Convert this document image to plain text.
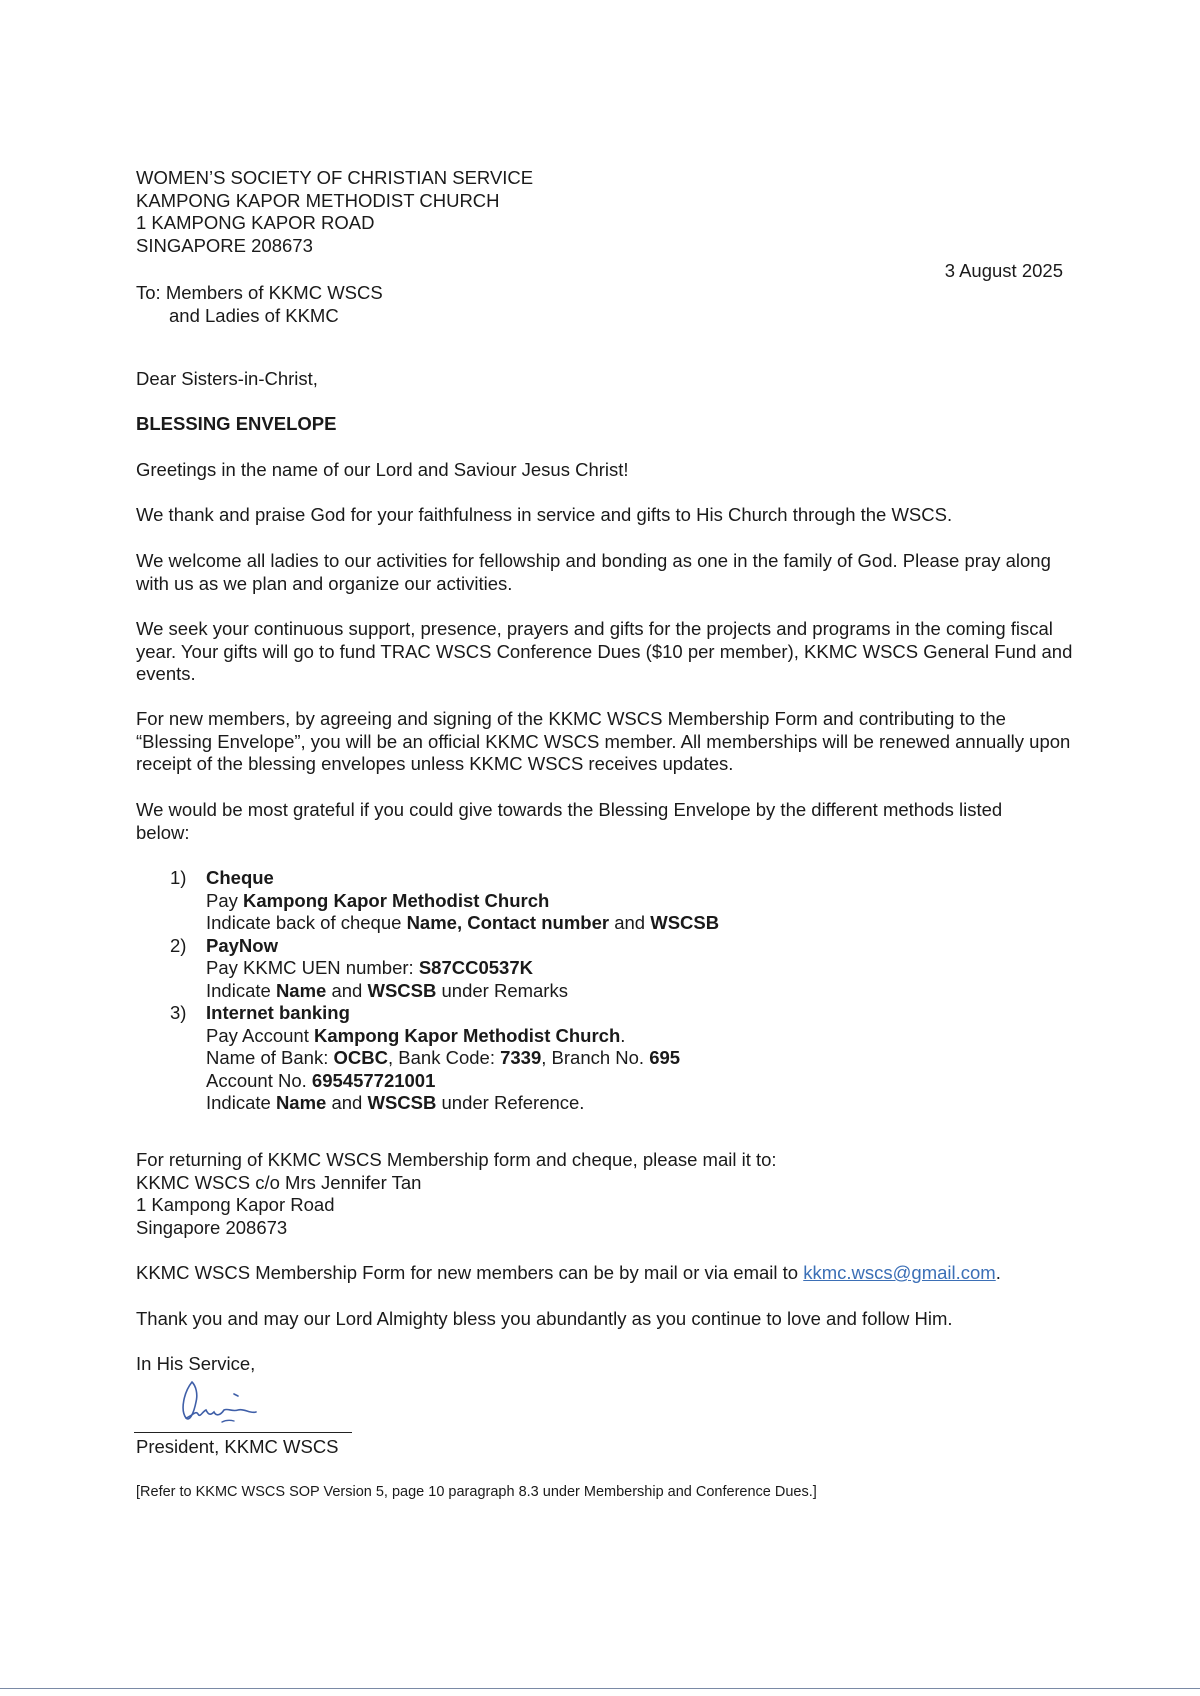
WOMEN’S SOCIETY OF CHRISTIAN SERVICE
KAMPONG KAPOR METHODIST CHURCH
1 KAMPONG KAPOR ROAD
SINGAPORE 208673
3 August 2025
To: Members of KKMC WSCS
and Ladies of KKMC
Dear Sisters-in-Christ,
BLESSING ENVELOPE
Greetings in the name of our Lord and Saviour Jesus Christ!
We thank and praise God for your faithfulness in service and gifts to His Church through the WSCS.
We welcome all ladies to our activities for fellowship and bonding as one in the family of God. Please pray along with us as we plan and organize our activities.
We seek your continuous support, presence, prayers and gifts for the projects and programs in the coming fiscal year. Your gifts will go to fund TRAC WSCS Conference Dues ($10 per member), KKMC WSCS General Fund and events.
For new members, by agreeing and signing of the KKMC WSCS Membership Form and contributing to the “Blessing Envelope”, you will be an official KKMC WSCS member. All memberships will be renewed annually upon receipt of the blessing envelopes unless KKMC WSCS receives updates.
We would be most grateful if you could give towards the Blessing Envelope by the different methods listed below:
1) Cheque
Pay Kampong Kapor Methodist Church
Indicate back of cheque Name, Contact number and WSCSB
2) PayNow
Pay KKMC UEN number: S87CC0537K
Indicate Name and WSCSB under Remarks
3) Internet banking
Pay Account Kampong Kapor Methodist Church.
Name of Bank: OCBC, Bank Code: 7339, Branch No. 695
Account No. 695457721001
Indicate Name and WSCSB under Reference.
For returning of KKMC WSCS Membership form and cheque, please mail it to:
KKMC WSCS c/o Mrs Jennifer Tan
1 Kampong Kapor Road
Singapore 208673
KKMC WSCS Membership Form for new members can be by mail or via email to kkmc.wscs@gmail.com.
Thank you and may our Lord Almighty bless you abundantly as you continue to love and follow Him.
In His Service,
President, KKMC WSCS
[Refer to KKMC WSCS SOP Version 5, page 10 paragraph 8.3 under Membership and Conference Dues.]
